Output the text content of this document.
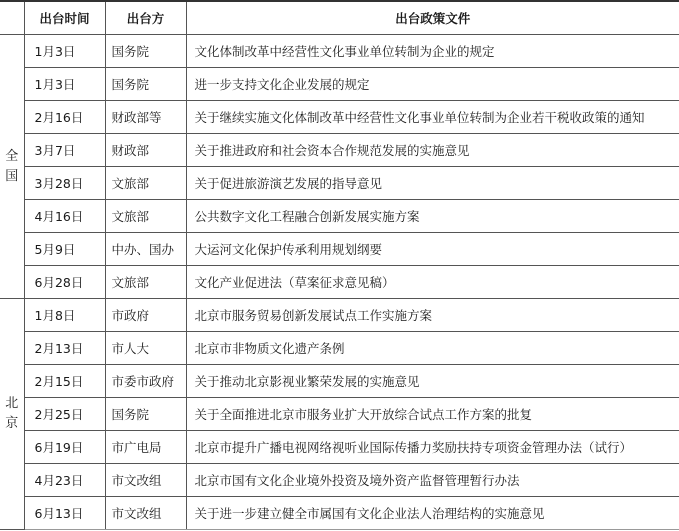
	出台时间	出台方	出台政策文件
全国	1月3日	国务院	文化体制改革中经营性文化事业单位转制为企业的规定
	1月3日	国务院	进一步支持文化企业发展的规定
	2月16日	财政部等	关于继续实施文化体制改革中经营性文化事业单位转制为企业若干税收政策的通知
	3月7日	财政部	关于推进政府和社会资本合作规范发展的实施意见
	3月28日	文旅部	关于促进旅游演艺发展的指导意见
	4月16日	文旅部	公共数字文化工程融合创新发展实施方案
	5月9日	中办、国办	大运河文化保护传承利用规划纲要
	6月28日	文旅部	文化产业促进法（草案征求意见稿）
北京	1月8日	市政府	北京市服务贸易创新发展试点工作实施方案
	2月13日	市人大	北京市非物质文化遗产条例
	2月15日	市委市政府	关于推动北京影视业繁荣发展的实施意见
	2月25日	国务院	关于全面推进北京市服务业扩大开放综合试点工作方案的批复
	6月19日	市广电局	北京市提升广播电视网络视听业国际传播力奖励扶持专项资金管理办法（试行）
	4月23日	市文改组	北京市国有文化企业境外投资及境外资产监督管理暂行办法
	6月13日	市文改组	关于进一步建立健全市属国有文化企业法人治理结构的实施意见
